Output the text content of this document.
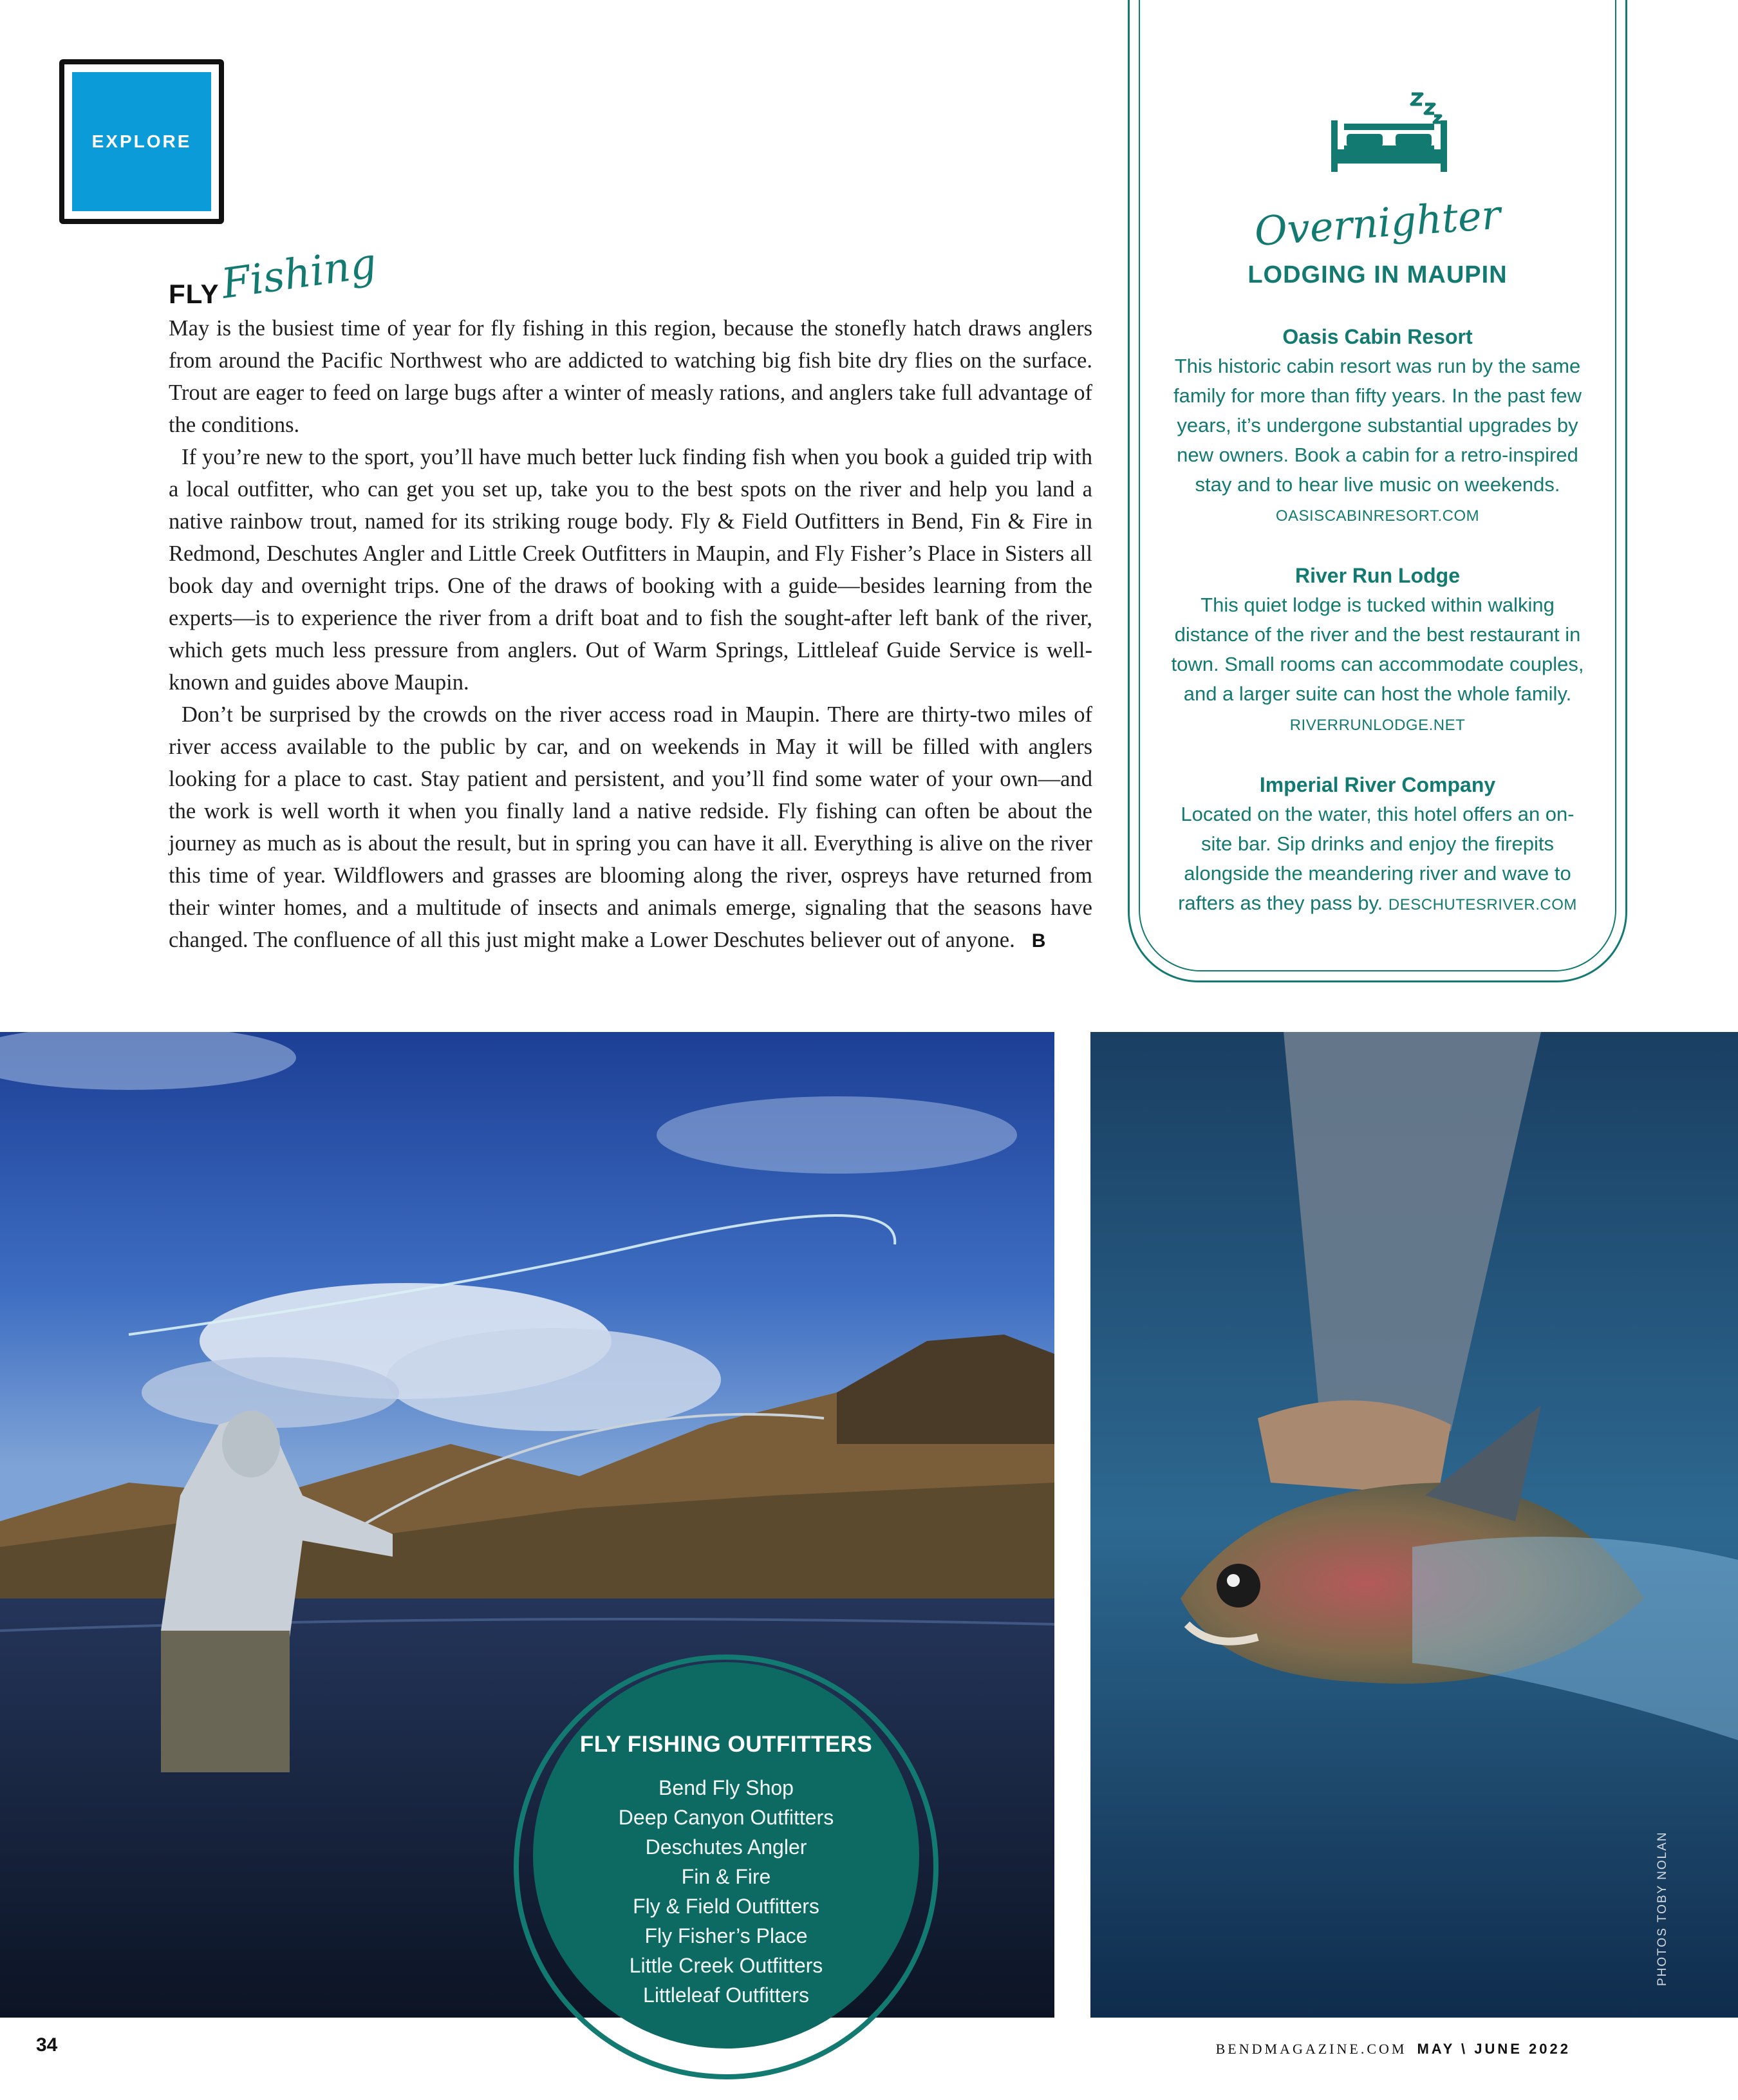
EXPLORE
FLY Fishing

May is the busiest time of year for fly fishing in this region, because the stonefly hatch draws anglers from around the Pacific Northwest who are addicted to watching big fish bite dry flies on the surface. Trout are eager to feed on large bugs after a winter of measly rations, and anglers take full advantage of the conditions.

If you’re new to the sport, you’ll have much better luck finding fish when you book a guided trip with a local outfitter, who can get you set up, take you to the best spots on the river and help you land a native rainbow trout, named for its striking rouge body. Fly & Field Outfitters in Bend, Fin & Fire in Redmond, Deschutes Angler and Little Creek Outfitters in Maupin, and Fly Fisher’s Place in Sisters all book day and overnight trips. One of the draws of booking with a guide—besides learning from the experts—is to experience the river from a drift boat and to fish the sought-after left bank of the river, which gets much less pressure from anglers. Out of Warm Springs, Littleleaf Guide Service is well-known and guides above Maupin.

Don’t be surprised by the crowds on the river access road in Maupin. There are thirty-two miles of river access available to the public by car, and on weekends in May it will be filled with anglers looking for a place to cast. Stay patient and persistent, and you’ll find some water of your own—and the work is well worth it when you finally land a native redside. Fly fishing can often be about the journey as much as is about the result, but in spring you can have it all. Everything is alive on the river this time of year. Wildflowers and grasses are blooming along the river, ospreys have returned from their winter homes, and a multitude of insects and animals emerge, signaling that the seasons have changed. The confluence of all this just might make a Lower Deschutes believer out of anyone. B

Overnighter
LODGING IN MAUPIN
Oasis Cabin Resort
This historic cabin resort was run by the same family for more than fifty years. In the past few years, it’s undergone substantial upgrades by new owners. Book a cabin for a retro-inspired stay and to hear live music on weekends. OASISCABINRESORT.COM
River Run Lodge
This quiet lodge is tucked within walking distance of the river and the best restaurant in town. Small rooms can accommodate couples, and a larger suite can host the whole family. RIVERRUNLODGE.NET
Imperial River Company
Located on the water, this hotel offers an on-site bar. Sip drinks and enjoy the firepits alongside the meandering river and wave to rafters as they pass by. DESCHUTESRIVER.COM
FLY FISHING OUTFITTERS
Bend Fly Shop
Deep Canyon Outfitters
Deschutes Angler
Fin & Fire
Fly & Field Outfitters
Fly Fisher’s Place
Little Creek Outfitters
Littleleaf Outfitters
PHOTOS TOBY NOLAN
34	BENDMAGAZINE.COM MAY \ JUNE 2022
